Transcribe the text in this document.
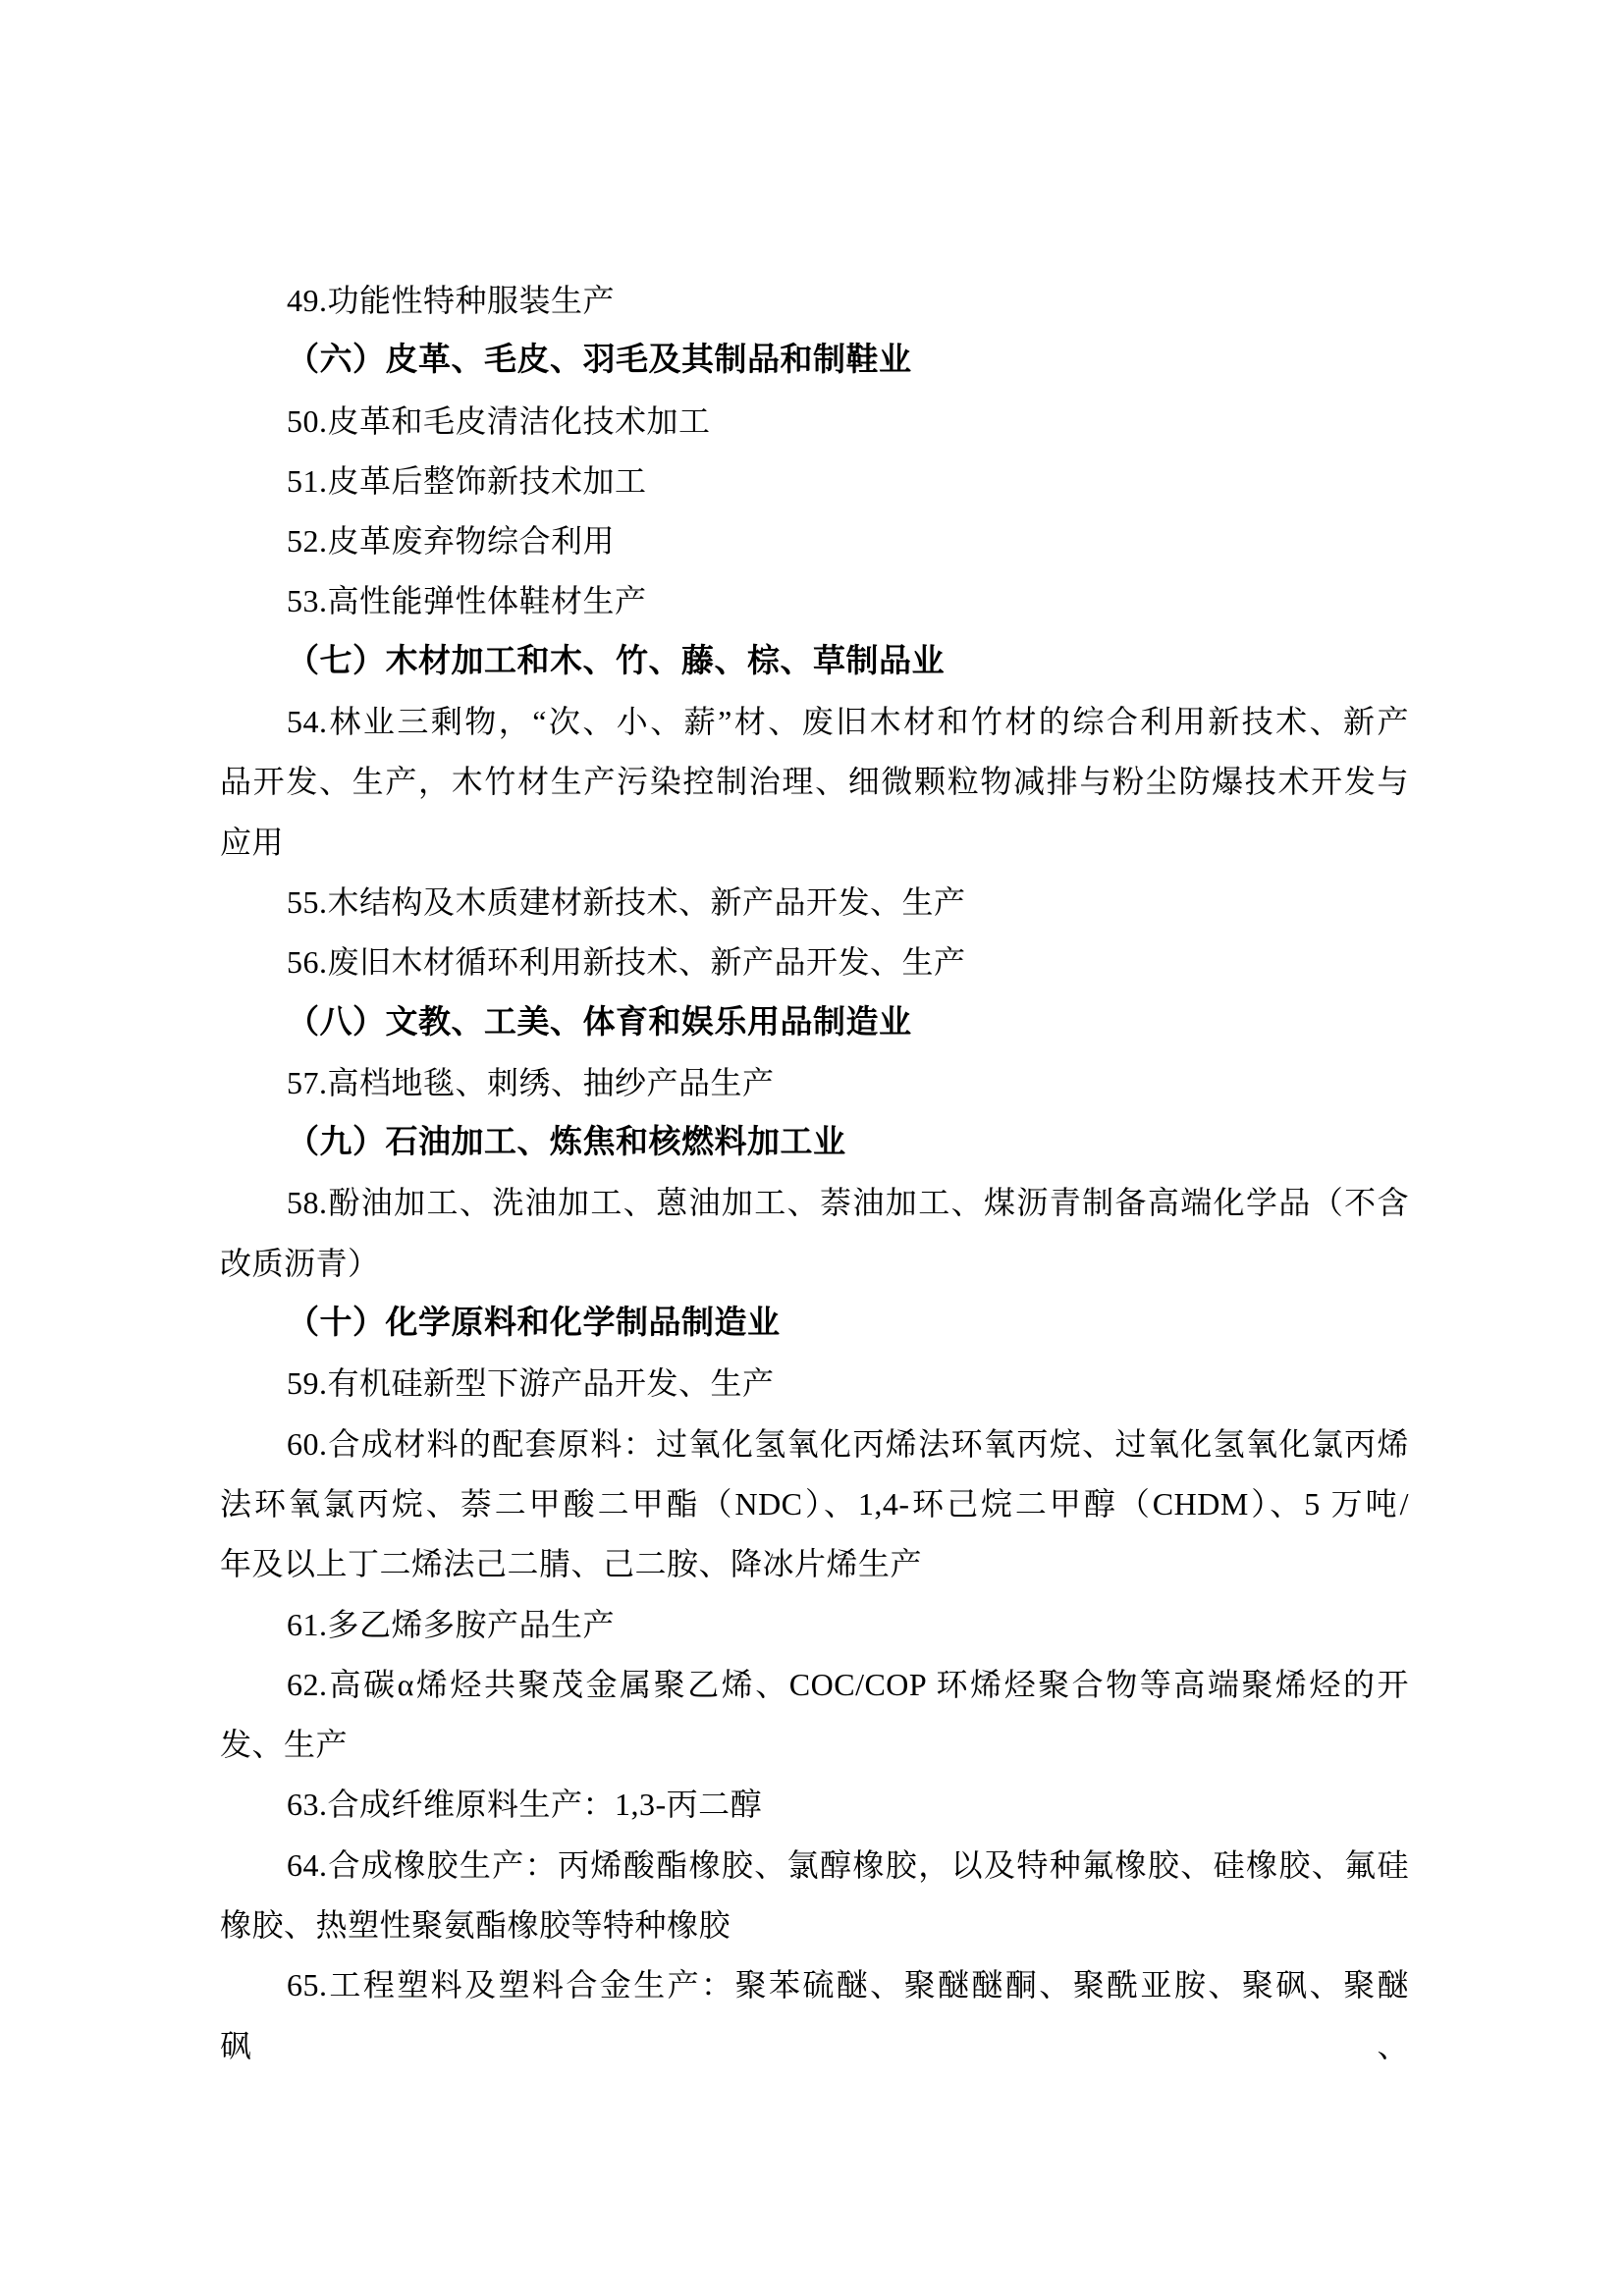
49.功能性特种服装生产
（六）皮革、毛皮、羽毛及其制品和制鞋业
50.皮革和毛皮清洁化技术加工
51.皮革后整饰新技术加工
52.皮革废弃物综合利用
53.高性能弹性体鞋材生产
（七）木材加工和木、竹、藤、棕、草制品业
54.林业三剩物，“次、小、薪”材、废旧木材和竹材的综合利用新技术、新产
品开发、生产，木竹材生产污染控制治理、细微颗粒物减排与粉尘防爆技术开发与
应用
55.木结构及木质建材新技术、新产品开发、生产
56.废旧木材循环利用新技术、新产品开发、生产
（八）文教、工美、体育和娱乐用品制造业
57.高档地毯、刺绣、抽纱产品生产
（九）石油加工、炼焦和核燃料加工业
58.酚油加工、洗油加工、蒽油加工、萘油加工、煤沥青制备高端化学品（不含
改质沥青）
（十）化学原料和化学制品制造业
59.有机硅新型下游产品开发、生产
60.合成材料的配套原料：过氧化氢氧化丙烯法环氧丙烷、过氧化氢氧化氯丙烯
法环氧氯丙烷、萘二甲酸二甲酯（NDC）、1,4-环己烷二甲醇（CHDM）、5 万吨/
年及以上丁二烯法己二腈、己二胺、降冰片烯生产
61.多乙烯多胺产品生产
62.高碳α烯烃共聚茂金属聚乙烯、COC/COP 环烯烃聚合物等高端聚烯烃的开
发、生产
63.合成纤维原料生产：1,3-丙二醇
64.合成橡胶生产：丙烯酸酯橡胶、氯醇橡胶，以及特种氟橡胶、硅橡胶、氟硅
橡胶、热塑性聚氨酯橡胶等特种橡胶
65.工程塑料及塑料合金生产：聚苯硫醚、聚醚醚酮、聚酰亚胺、聚砜、聚醚砜、
